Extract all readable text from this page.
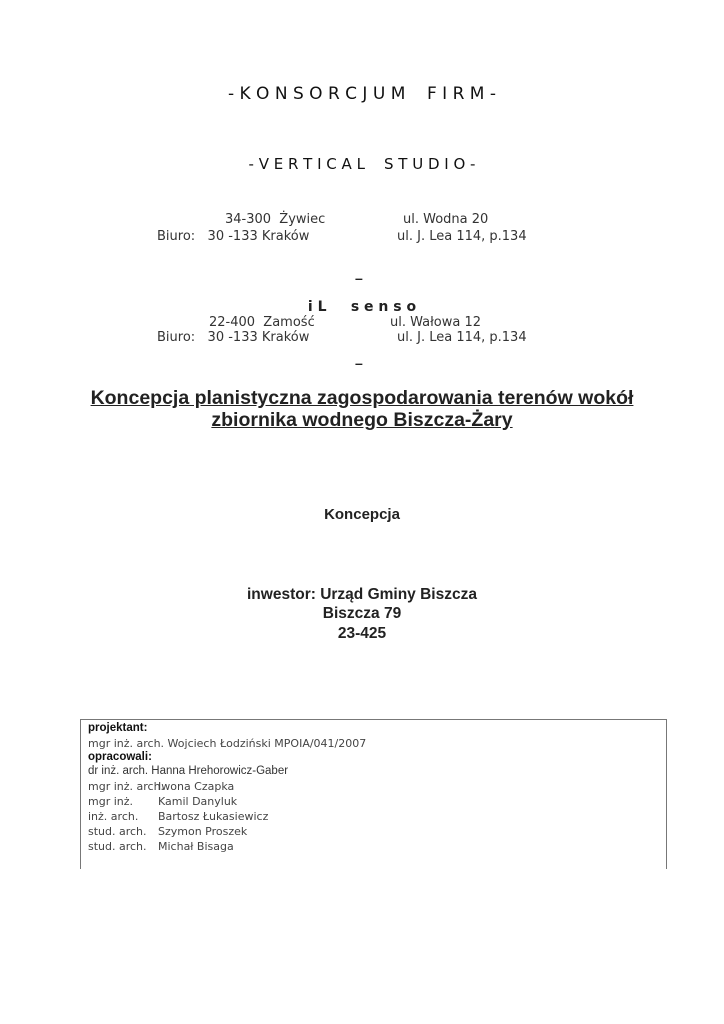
- K O N S O R C J U M    F I R M -
- V E R T I C A L    S T U D I O -
34-300  Żywiec	ul. Wodna 20
Biuro:   30 -133 Kraków	ul. J. Lea 114, p.134
–
i L     s e n s o
22-400  Zamość	ul. Wałowa 12
Biuro:   30 -133 Kraków	ul. J. Lea 114, p.134
–
Koncepcja planistyczna zagospodarowania terenów wokół zbiornika wodnego Biszcza-Żary
Koncepcja
inwestor: Urząd Gminy Biszcza
Biszcza 79
23-425
projektant:
mgr inż. arch. Wojciech Łodziński MPOIA/041/2007
opracowali:
dr inż. arch. Hanna Hrehorowicz-Gaber
mgr inż. arch.Iwona Czapka
mgr inż. Kamil Danyluk
inż. arch. Bartosz Łukasiewicz
stud. arch. Szymon Proszek
stud. arch. Michał Bisaga
